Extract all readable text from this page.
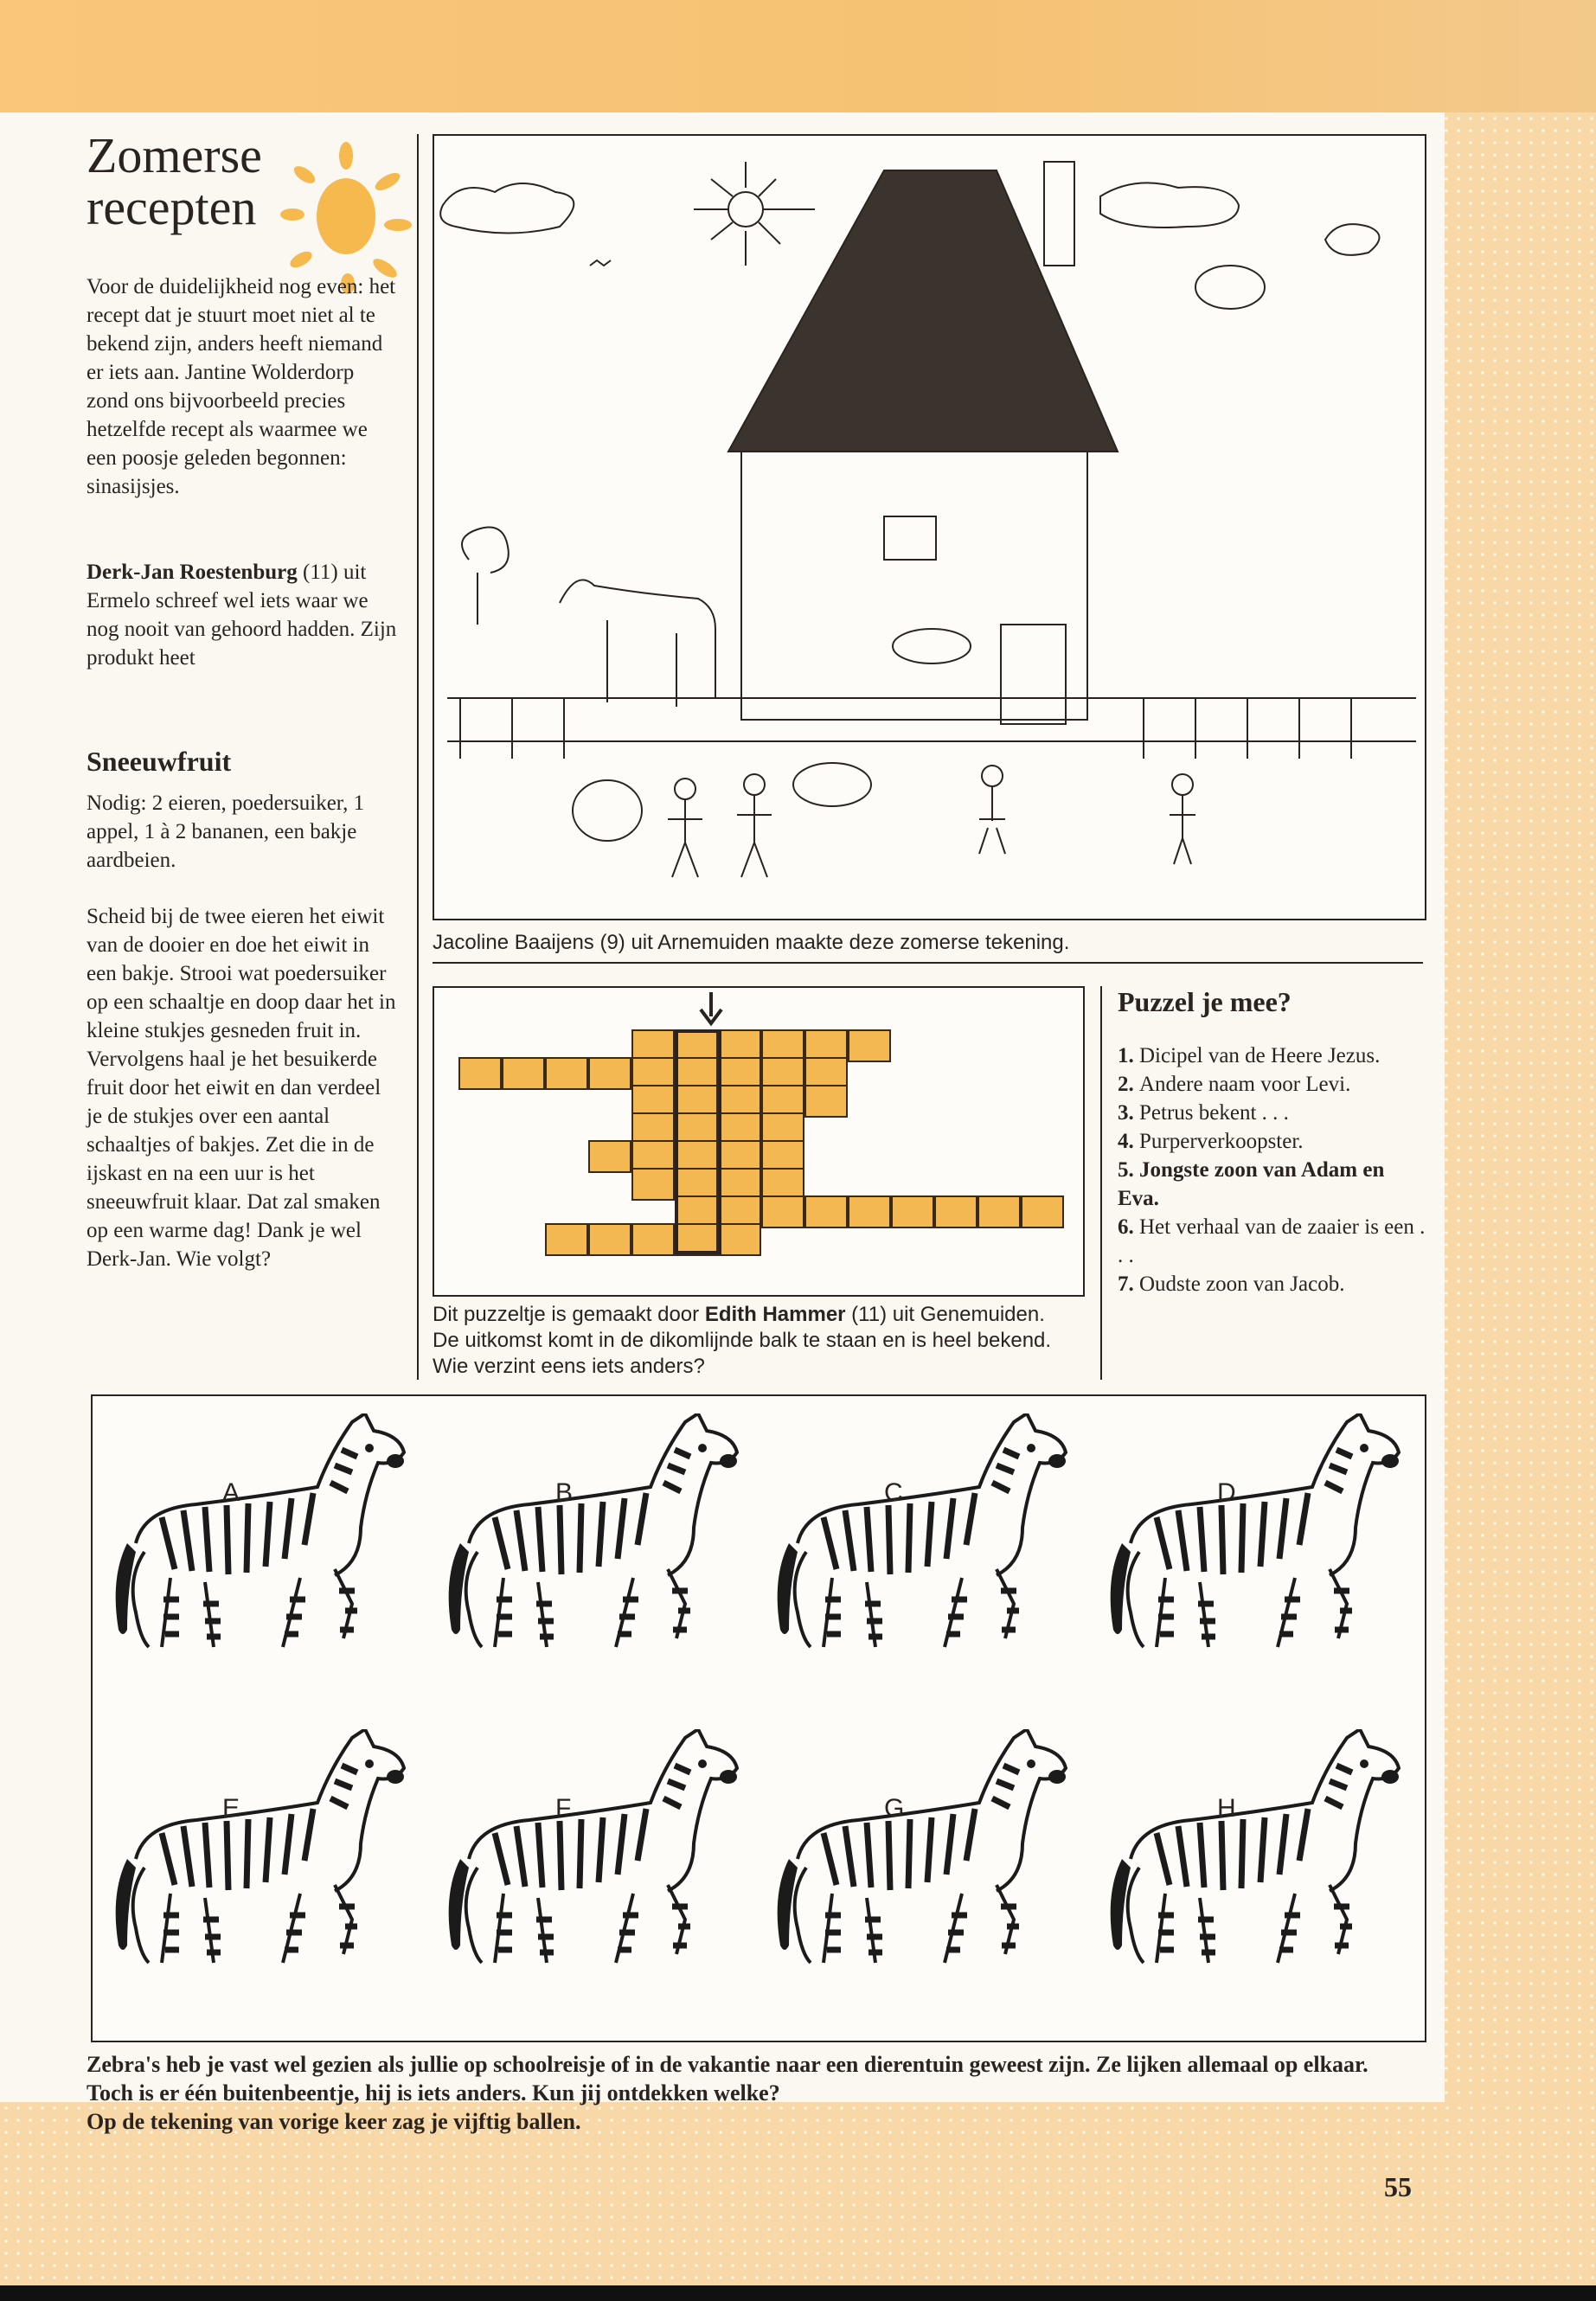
Zomerse
recepten
Voor de duidelijkheid nog even: het recept dat je stuurt moet niet al te bekend zijn, anders heeft niemand er iets aan. Jantine Wolderdorp zond ons bijvoorbeeld precies hetzelfde recept als waarmee we een poosje geleden begonnen: sinasijsjes.
Derk-Jan Roestenburg (11) uit Ermelo schreef wel iets waar we nog nooit van gehoord hadden. Zijn produkt heet
Sneeuwfruit
Nodig: 2 eieren, poedersuiker, 1 appel, 1 à 2 bananen, een bakje aardbeien.
Scheid bij de twee eieren het eiwit van de dooier en doe het eiwit in een bakje. Strooi wat poedersuiker op een schaaltje en doop daar het in kleine stukjes gesneden fruit in. Vervolgens haal je het besuikerde fruit door het eiwit en dan verdeel je de stukjes over een aantal schaaltjes of bakjes. Zet die in de ijskast en na een uur is het sneeuwfruit klaar. Dat zal smaken op een warme dag! Dank je wel Derk-Jan. Wie volgt?
Jacoline Baaijens (9) uit Arnemuiden maakte deze zomerse tekening.
Dit puzzeltje is gemaakt door Edith Hammer (11) uit Genemuiden. De uitkomst komt in de dikomlijnde balk te staan en is heel bekend. Wie verzint eens iets anders?
Puzzel je mee?
1. Dicipel van de Heere Jezus.
2. Andere naam voor Levi.
3. Petrus bekent . . .
4. Purperverkoopster.
5. Jongste zoon van Adam en Eva.
6. Het verhaal van de zaaier is een . . .
7. Oudste zoon van Jacob.
A	B	C	D
E	F	G	H
Zebra's heb je vast wel gezien als jullie op schoolreisje of in de vakantie naar een dierentuin geweest zijn. Ze lijken allemaal op elkaar. Toch is er één buitenbeentje, hij is iets anders. Kun jij ontdekken welke?
Op de tekening van vorige keer zag je vijftig ballen.
55
